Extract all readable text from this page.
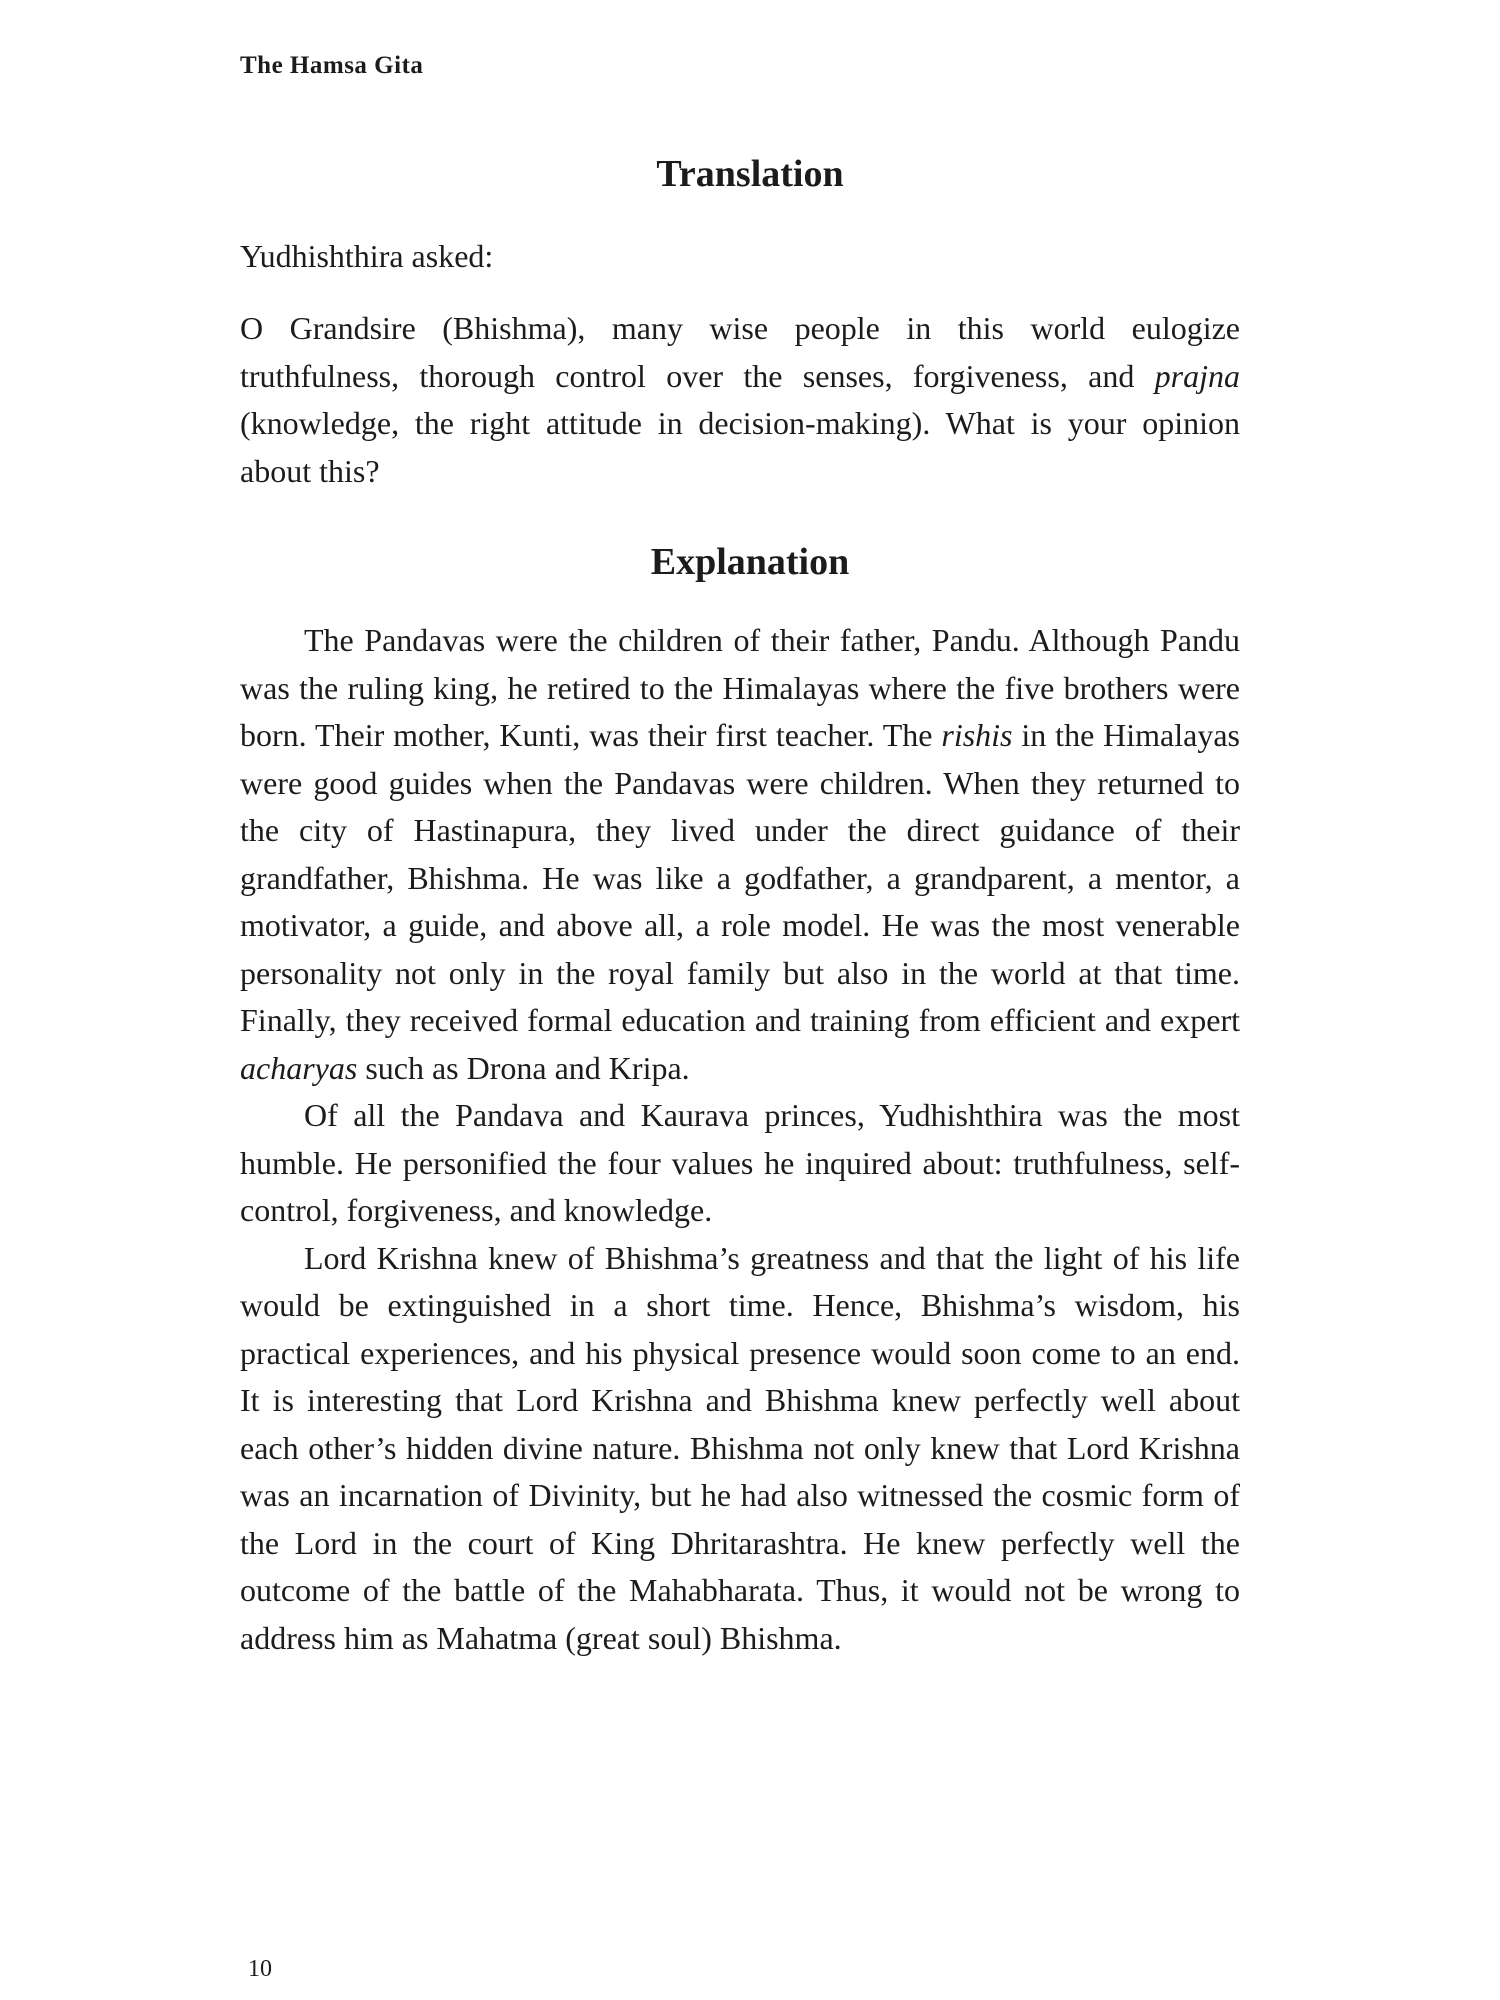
The Hamsa Gita
Translation

Yudhishthira asked:

O Grandsire (Bhishma), many wise people in this world eulogize truthfulness, thorough control over the senses, forgiveness, and prajna (knowledge, the right attitude in decision-making). What is your opinion about this?

Explanation

The Pandavas were the children of their father, Pandu. Although Pandu was the ruling king, he retired to the Himalayas where the five brothers were born. Their mother, Kunti, was their first teacher. The rishis in the Himalayas were good guides when the Pandavas were children. When they returned to the city of Hastinapura, they lived under the direct guidance of their grandfather, Bhishma. He was like a godfather, a grandparent, a mentor, a motivator, a guide, and above all, a role model. He was the most venerable personality not only in the royal family but also in the world at that time. Finally, they received formal education and training from efficient and expert acharyas such as Drona and Kripa.

Of all the Pandava and Kaurava princes, Yudhishthira was the most humble. He personified the four values he inquired about: truthfulness, self-control, forgiveness, and knowledge.

Lord Krishna knew of Bhishma’s greatness and that the light of his life would be extinguished in a short time. Hence, Bhishma’s wisdom, his practical experiences, and his physical presence would soon come to an end. It is interesting that Lord Krishna and Bhishma knew perfectly well about each other’s hidden divine nature. Bhishma not only knew that Lord Krishna was an incarnation of Divinity, but he had also witnessed the cosmic form of the Lord in the court of King Dhritarashtra. He knew perfectly well the outcome of the battle of the Mahabharata. Thus, it would not be wrong to address him as Mahatma (great soul) Bhishma.

10
